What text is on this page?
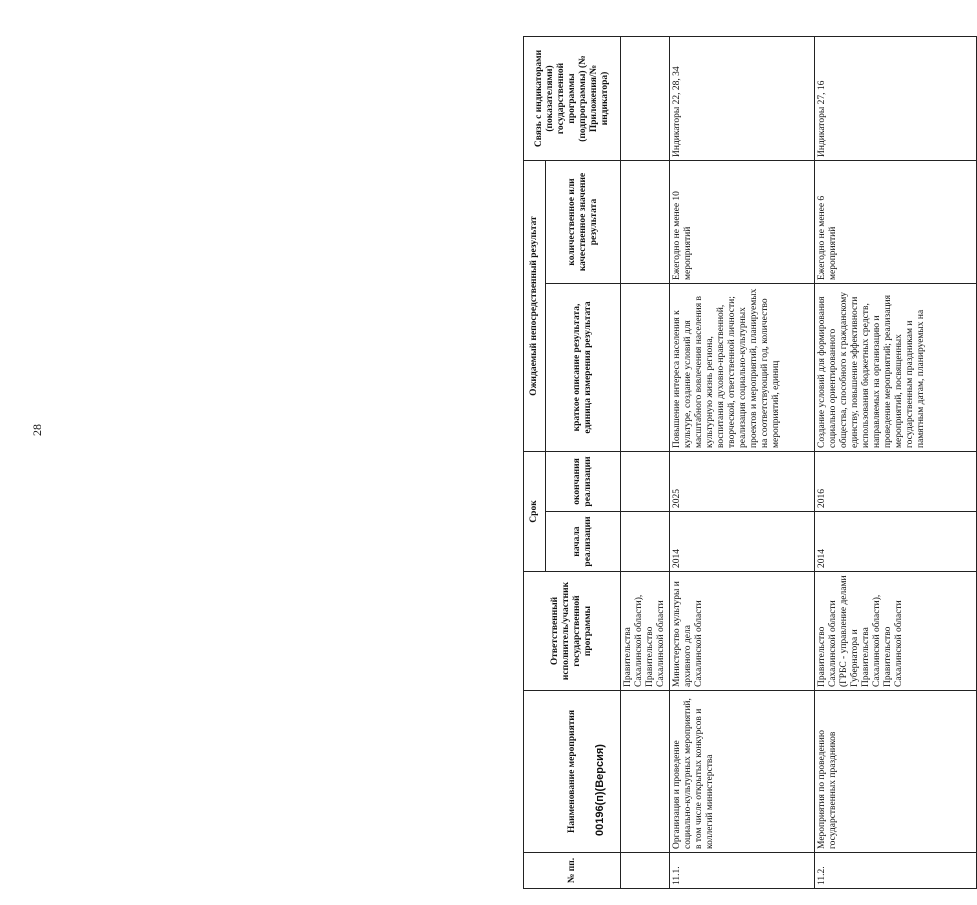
28
№ пп.	Наименование мероприятия	Ответственный исполнитель/участник государственной программы	Срок		Ожидаемый непосредственный результат		Связь с индикаторами (показателями) государственной программы (подпрограммы) (№ Приложения/№ индикатора)
			начала реализации	окончания реализации	краткое описание результата, единица измерения результата	количественное или качественное значение результата	
		Правительства Сахалинской области), Правительство Сахалинской области					
11.1.	Организация и проведение социально-культурных мероприятий, в том числе открытых конкурсов и коллегий министерства	Министерство культуры и архивного дела Сахалинской области	2014	2025	Повышение интереса населения к культуре, создание условий для масштабного вовлечения населения в культурную жизнь региона, воспитания духовно-нравственной, творческой, ответственной личности; реализация социально-культурных проектов и мероприятий, планируемых на соответствующий год, количество мероприятий, единиц	Ежегодно не менее 10 мероприятий	Индикаторы 22, 28, 34
11.2.	Мероприятия по проведению государственных праздников	Правительство Сахалинской области (ГРБС - управление делами Губернатора и Правительства Сахалинской области), Правительство Сахалинской области	2014	2016	Создание условий для формирования социально ориентированного общества, способного к гражданскому единству, повышение эффективности использования бюджетных средств, направляемых на организацию и проведение мероприятий; реализация мероприятий, посвященных государственным праздникам и памятным датам, планируемых на	Ежегодно не менее 6 мероприятий	Индикаторы 27, 16
00196(п)(Версия)
